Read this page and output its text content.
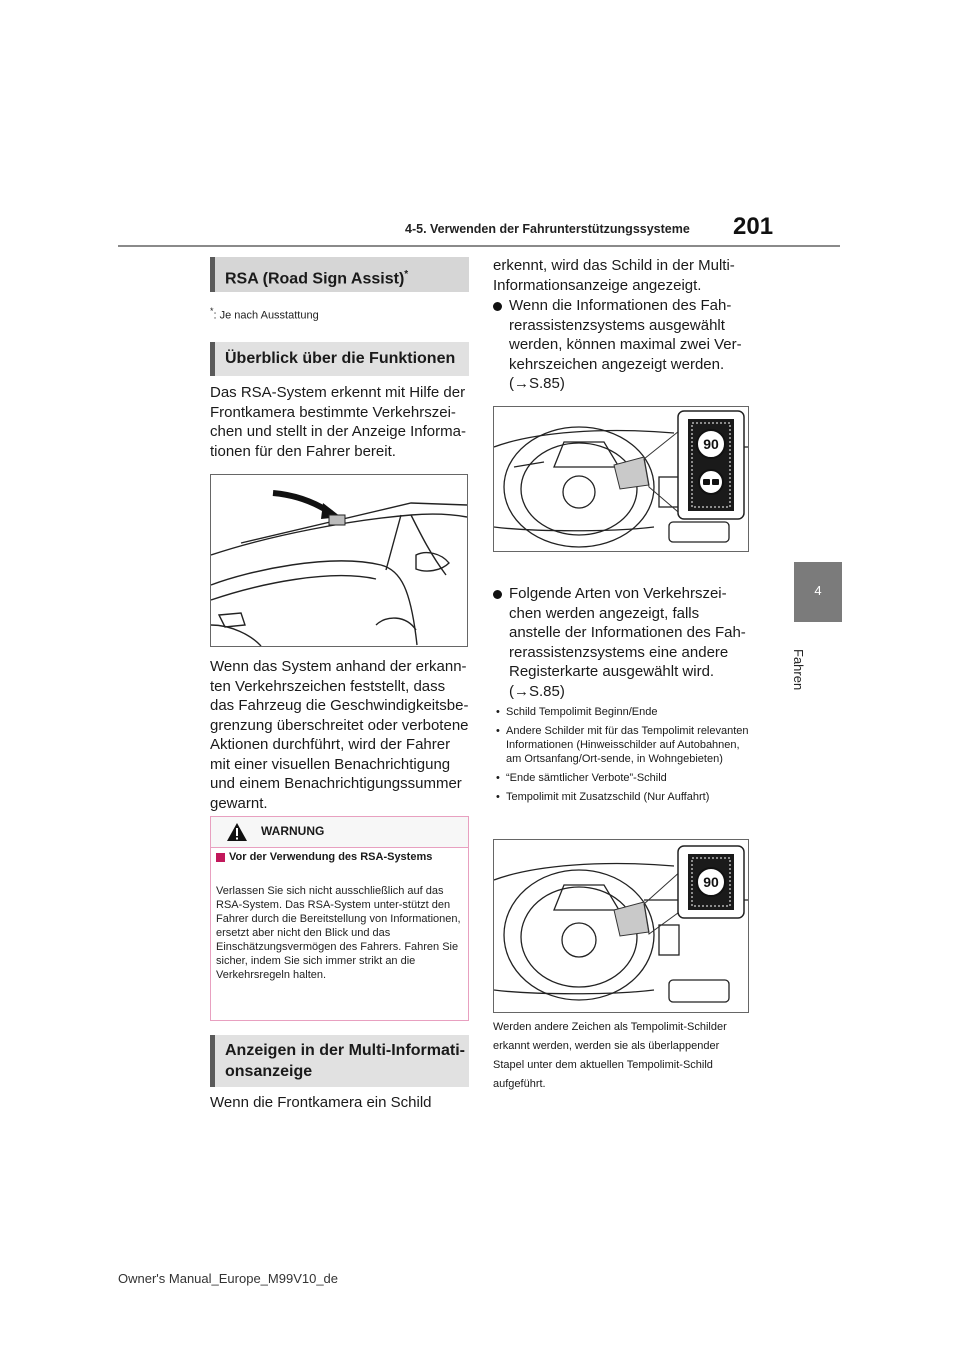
4-5. Verwenden der Fahrunterstützungssysteme 201
4
Fahren
RSA (Road Sign Assist)*
*: Je nach Ausstattung
Überblick über die Funktionen
Das RSA-System erkennt mit Hilfe der Frontkamera bestimmte Verkehrszei-chen und stellt in der Anzeige Informa-tionen für den Fahrer bereit.
Wenn das System anhand der erkann-ten Verkehrszeichen feststellt, dass das Fahrzeug die Geschwindigkeitsbe-grenzung überschreitet oder verbotene Aktionen durchführt, wird der Fahrer mit einer visuellen Benachrichtigung und einem Benachrichtigungssummer gewarnt.
WARNUNG
Vor der Verwendung des RSA-Systems
Verlassen Sie sich nicht ausschließlich auf das RSA-System. Das RSA-System unter-stützt den Fahrer durch die Bereitstellung von Informationen, ersetzt aber nicht den Blick und das Einschätzungsvermögen des Fahrers. Fahren Sie sicher, indem Sie sich immer strikt an die Verkehrsregeln halten.
Anzeigen in der Multi-Informati-onsanzeige
Wenn die Frontkamera ein Schild
erkennt, wird das Schild in der Multi-Informationsanzeige angezeigt.
Wenn die Informationen des Fah-rerassistenzsystems ausgewählt werden, können maximal zwei Ver-kehrszeichen angezeigt werden.
(→S.85)
90
Folgende Arten von Verkehrszei-chen werden angezeigt, falls anstelle der Informationen des Fah-rerassistenzsystems eine andere Registerkarte ausgewählt wird.
(→S.85)
• Schild Tempolimit Beginn/Ende
• Andere Schilder mit für das Tempolimit relevanten Informationen (Hinweisschilder auf Autobahnen, am Ortsanfang/Ort-sende, in Wohngebieten)
• “Ende sämtlicher Verbote”-Schild
• Tempolimit mit Zusatzschild (Nur Auffahrt)
90
Werden andere Zeichen als Tempolimit-Schilder erkannt werden, werden sie als überlappender Stapel unter dem aktuellen Tempolimit-Schild aufgeführt.
Owner's Manual_Europe_M99V10_de
